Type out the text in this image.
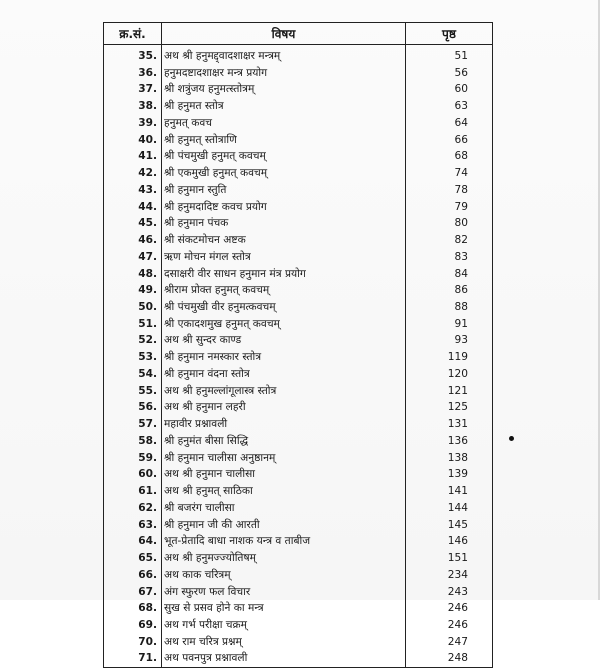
क्र.सं.	विषय	पृष्ठ
35.	अथ श्री हनुमद्द्वादशाक्षर मन्त्रम्	51
36.	हनुमदष्टादशाक्षर मन्त्र प्रयोग	56
37.	श्री शत्रुंजय हनुमत्स्तोत्रम्	60
38.	श्री हनुमत स्तोत्र	63
39.	हनुमत् कवच	64
40.	श्री हनुमत् स्तोत्राणि	66
41.	श्री पंचमुखी हनुमत् कवचम्	68
42.	श्री एकमुखी हनुमत् कवचम्	74
43.	श्री हनुमान स्तुति	78
44.	श्री हनुमदादिष्ट कवच प्रयोग	79
45.	श्री हनुमान पंचक	80
46.	श्री संकटमोचन अष्टक	82
47.	ऋण मोचन मंगल स्तोत्र	83
48.	दसाक्षरी वीर साधन हनुमान मंत्र प्रयोग	84
49.	श्रीराम प्रोक्त हनुमत् कवचम्	86
50.	श्री पंचमुखी वीर हनुमत्कवचम्	88
51.	श्री एकादशमुख हनुमत् कवचम्	91
52.	अथ श्री सुन्दर काण्ड	93
53.	श्री हनुमान नमस्कार स्तोत्र	119
54.	श्री हनुमान वंदना स्तोत्र	120
55.	अथ श्री हनुमल्लांगूलास्त्र स्तोत्र	121
56.	अथ श्री हनुमान लहरी	125
57.	महावीर प्रश्नावली	131
58.	श्री हनुमंत बीसा सिद्धि	136
59.	श्री हनुमान चालीसा अनुष्ठानम्	138
60.	अथ श्री हनुमान चालीसा	139
61.	अथ श्री हनुमत् साठिका	141
62.	श्री बजरंग चालीसा	144
63.	श्री हनुमान जी की आरती	145
64.	भूत-प्रेतादि बाधा नाशक यन्त्र व ताबीज	146
65.	अथ श्री हनुमज्ज्योतिषम्	151
66.	अथ काक चरित्रम्	234
67.	अंग स्फुरण फल विचार	243
68.	सुख से प्रसव होने का मन्त्र	246
69.	अथ गर्भ परीक्षा चक्रम्	246
70.	अथ राम चरित्र प्रश्नम्	247
71.	अथ पवनपुत्र प्रश्नावली	248
